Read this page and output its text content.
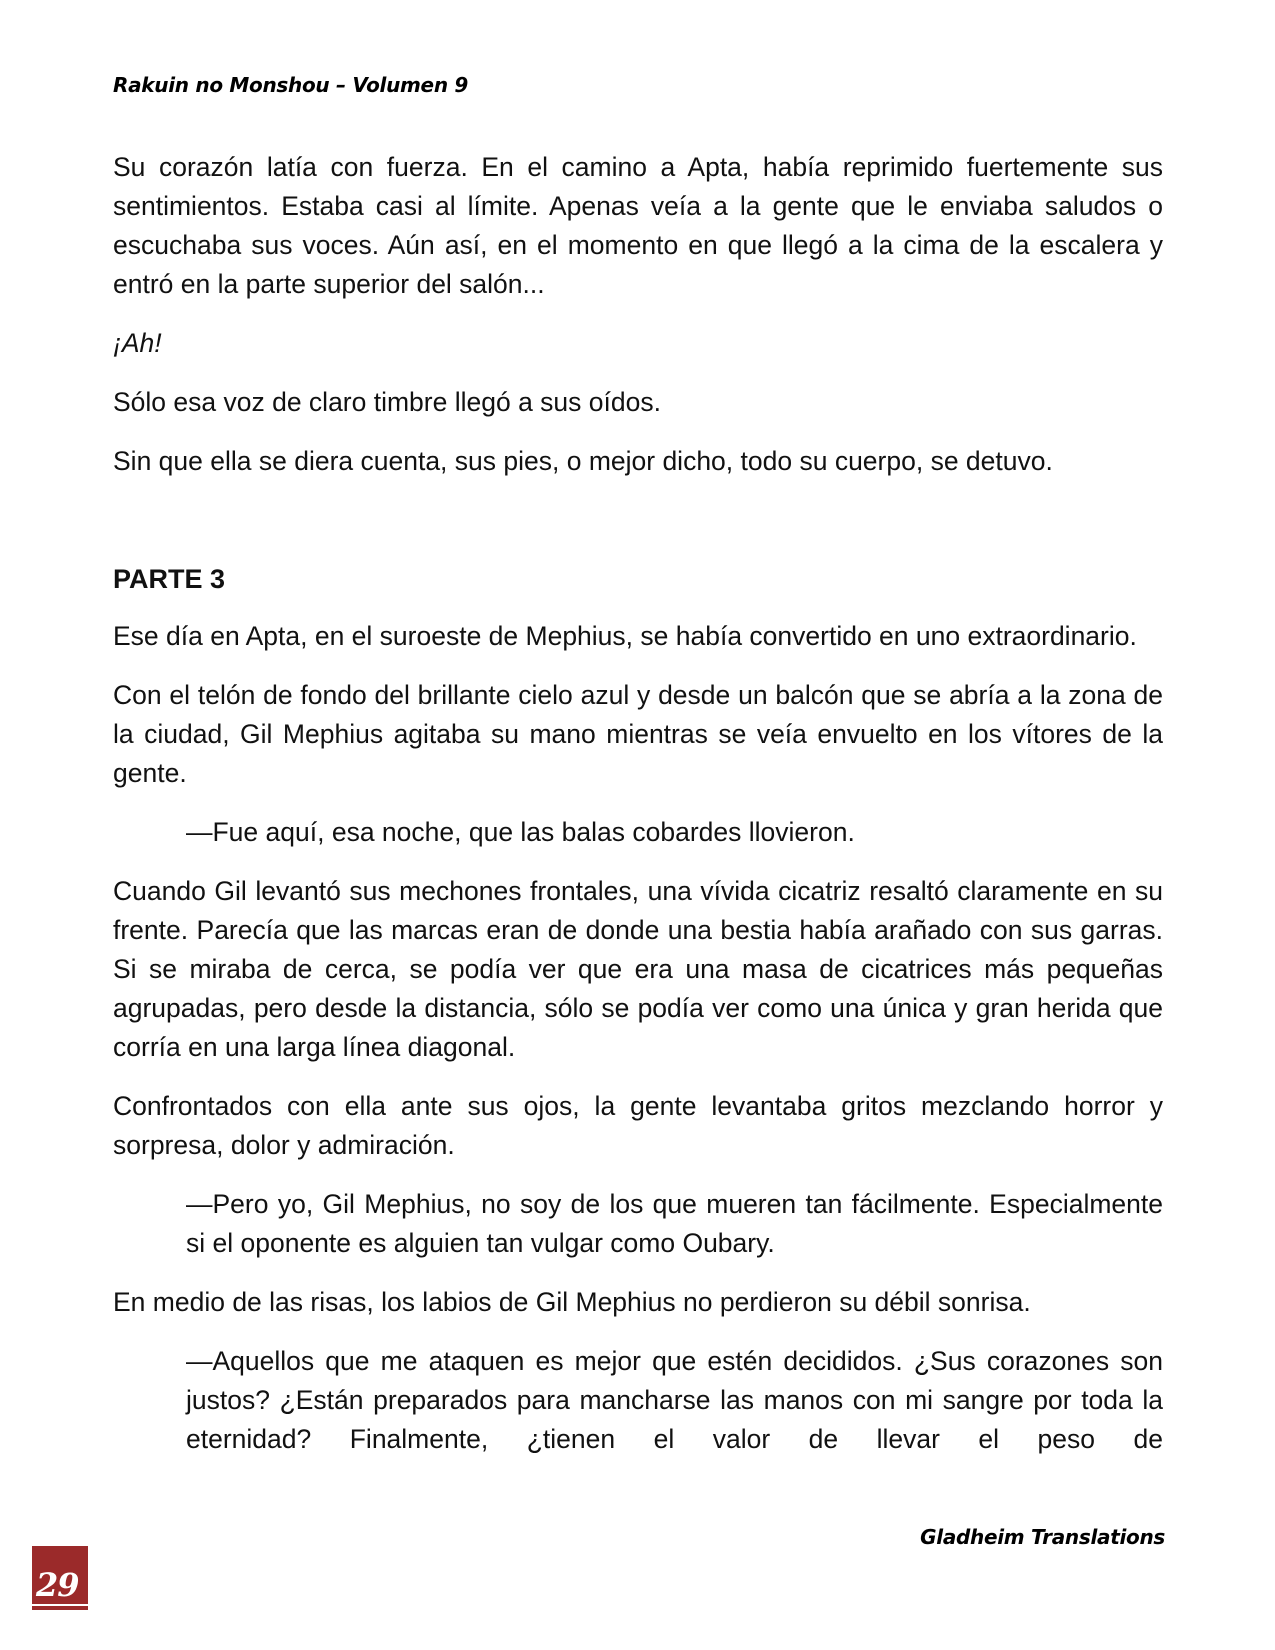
Rakuin no Monshou – Volumen 9

Su corazón latía con fuerza. En el camino a Apta, había reprimido fuertemente sus sentimientos. Estaba casi al límite. Apenas veía a la gente que le enviaba saludos o escuchaba sus voces. Aún así, en el momento en que llegó a la cima de la escalera y entró en la parte superior del salón...

¡Ah!

Sólo esa voz de claro timbre llegó a sus oídos.

Sin que ella se diera cuenta, sus pies, o mejor dicho, todo su cuerpo, se detuvo.

PARTE 3

Ese día en Apta, en el suroeste de Mephius, se había convertido en uno extraordinario.

Con el telón de fondo del brillante cielo azul y desde un balcón que se abría a la zona de la ciudad, Gil Mephius agitaba su mano mientras se veía envuelto en los vítores de la gente.

—Fue aquí, esa noche, que las balas cobardes llovieron.

Cuando Gil levantó sus mechones frontales, una vívida cicatriz resaltó claramente en su frente. Parecía que las marcas eran de donde una bestia había arañado con sus garras. Si se miraba de cerca, se podía ver que era una masa de cicatrices más pequeñas agrupadas, pero desde la distancia, sólo se podía ver como una única y gran herida que corría en una larga línea diagonal.

Confrontados con ella ante sus ojos, la gente levantaba gritos mezclando horror y sorpresa, dolor y admiración.

—Pero yo, Gil Mephius, no soy de los que mueren tan fácilmente. Especialmente si el oponente es alguien tan vulgar como Oubary.

En medio de las risas, los labios de Gil Mephius no perdieron su débil sonrisa.

—Aquellos que me ataquen es mejor que estén decididos. ¿Sus corazones son justos? ¿Están preparados para mancharse las manos con mi sangre por toda la eternidad? Finalmente, ¿tienen el valor de llevar el peso de

Gladheim Translations
29
